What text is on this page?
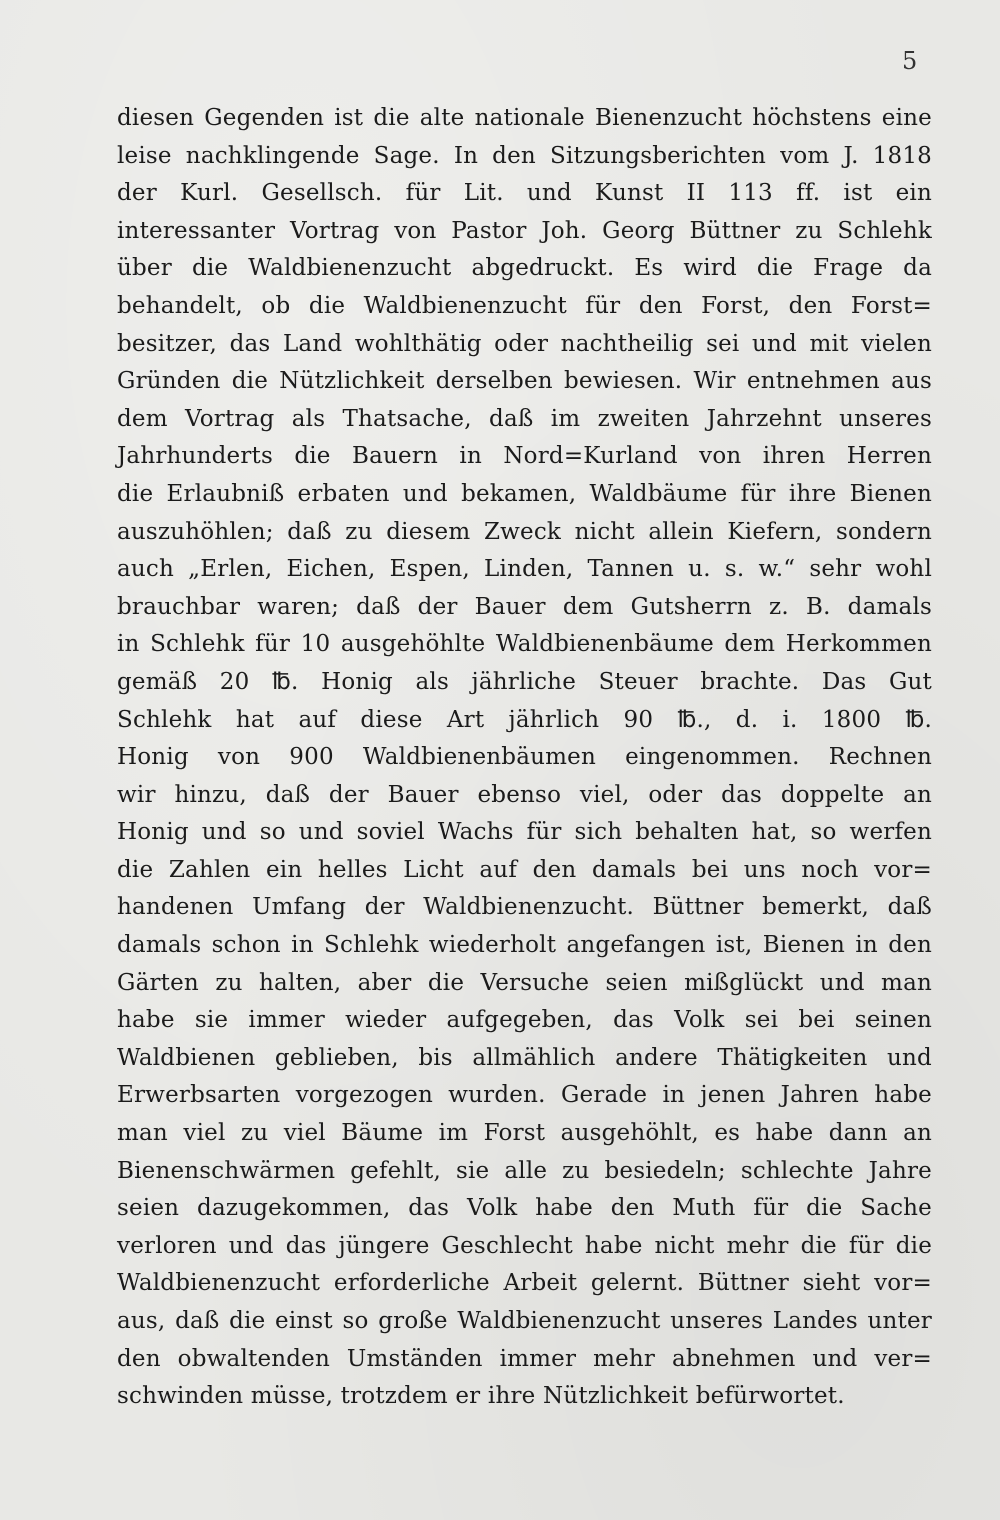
5
diesen Gegenden ist die alte nationale Bienenzucht höchstens eine
leise nachklingende Sage. In den Sitzungsberichten vom J. 1818
der Kurl. Gesellsch. für Lit. und Kunst II 113 ff. ist ein
interessanter Vortrag von Pastor Joh. Georg Büttner zu Schlehk
über die Waldbienenzucht abgedruckt. Es wird die Frage da
behandelt, ob die Waldbienenzucht für den Forst, den Forst=
besitzer, das Land wohlthätig oder nachtheilig sei und mit vielen
Gründen die Nützlichkeit derselben bewiesen. Wir entnehmen aus
dem Vortrag als Thatsache, daß im zweiten Jahrzehnt unseres
Jahrhunderts die Bauern in Nord=Kurland von ihren Herren
die Erlaubniß erbaten und bekamen, Waldbäume für ihre Bienen
auszuhöhlen; daß zu diesem Zweck nicht allein Kiefern, sondern
auch „Erlen, Eichen, Espen, Linden, Tannen u. s. w.“ sehr wohl
brauchbar waren; daß der Bauer dem Gutsherrn z. B. damals
in Schlehk für 10 ausgehöhlte Waldbienenbäume dem Herkommen
gemäß 20 ℔. Honig als jährliche Steuer brachte. Das Gut
Schlehk hat auf diese Art jährlich 90 ℔., d. i. 1800 ℔.
Honig von 900 Waldbienenbäumen eingenommen. Rechnen
wir hinzu, daß der Bauer ebenso viel, oder das doppelte an
Honig und so und soviel Wachs für sich behalten hat, so werfen
die Zahlen ein helles Licht auf den damals bei uns noch vor=
handenen Umfang der Waldbienenzucht. Büttner bemerkt, daß
damals schon in Schlehk wiederholt angefangen ist, Bienen in den
Gärten zu halten, aber die Versuche seien mißglückt und man
habe sie immer wieder aufgegeben, das Volk sei bei seinen
Waldbienen geblieben, bis allmählich andere Thätigkeiten und
Erwerbsarten vorgezogen wurden. Gerade in jenen Jahren habe
man viel zu viel Bäume im Forst ausgehöhlt, es habe dann an
Bienenschwärmen gefehlt, sie alle zu besiedeln; schlechte Jahre
seien dazugekommen, das Volk habe den Muth für die Sache
verloren und das jüngere Geschlecht habe nicht mehr die für die
Waldbienenzucht erforderliche Arbeit gelernt. Büttner sieht vor=
aus, daß die einst so große Waldbienenzucht unseres Landes unter
den obwaltenden Umständen immer mehr abnehmen und ver=
schwinden müsse, trotzdem er ihre Nützlichkeit befürwortet.
